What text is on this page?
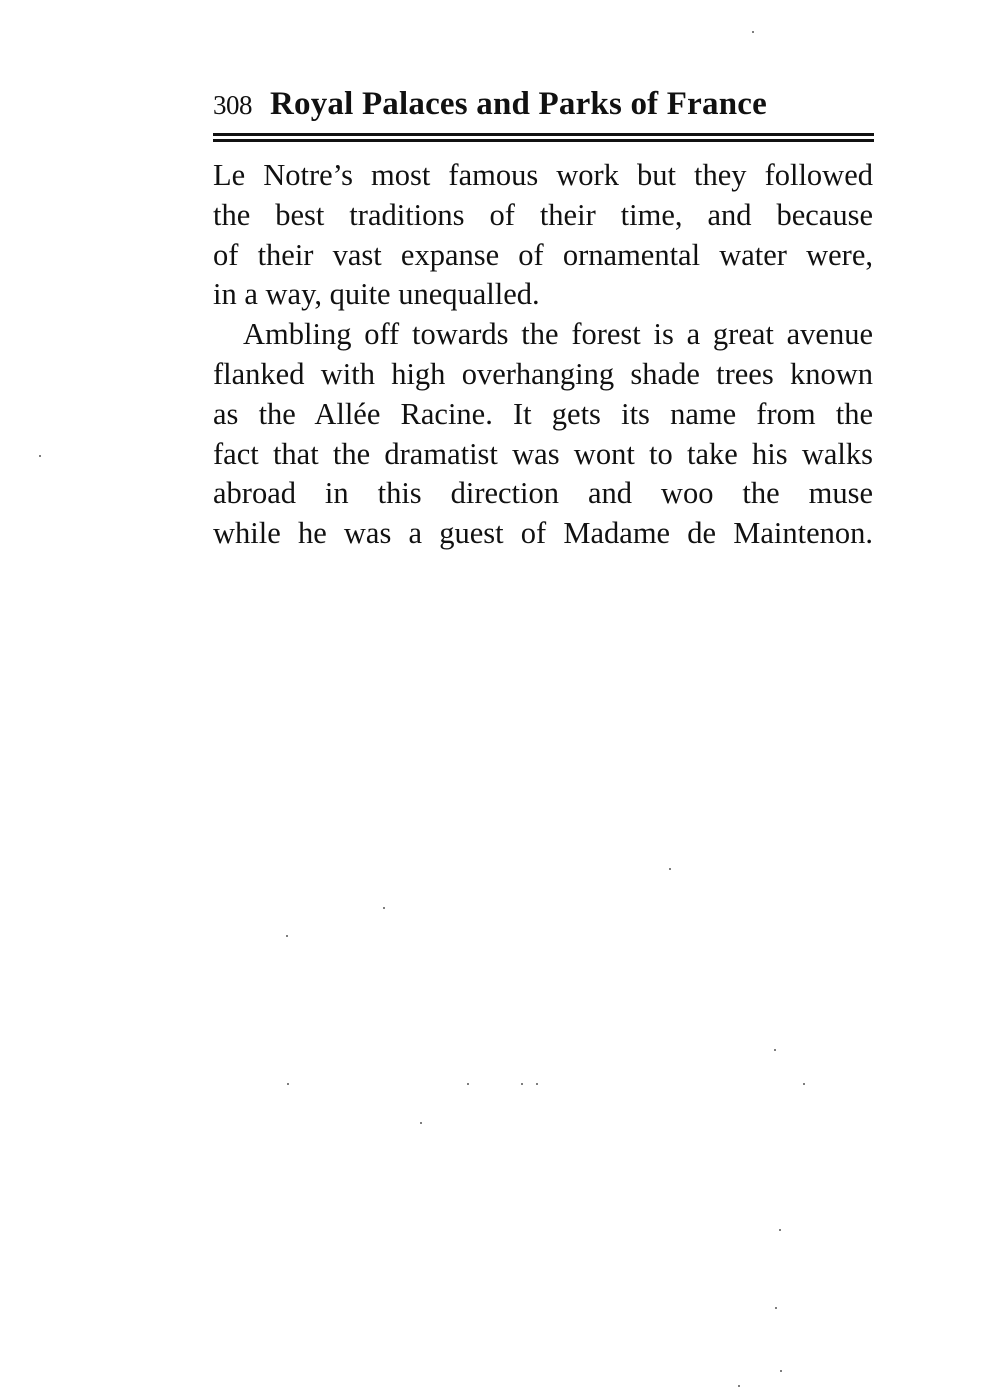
308 Royal Palaces and Parks of France
Le Notre’s most famous work but they followed
the best traditions of their time, and because
of their vast expanse of ornamental water were,
in a way, quite unequalled.
Ambling off towards the forest is a great avenue
flanked with high overhanging shade trees known
as the Allée Racine. It gets its name from the
fact that the dramatist was wont to take his walks
abroad in this direction and woo the muse
while he was a guest of Madame de Maintenon.
